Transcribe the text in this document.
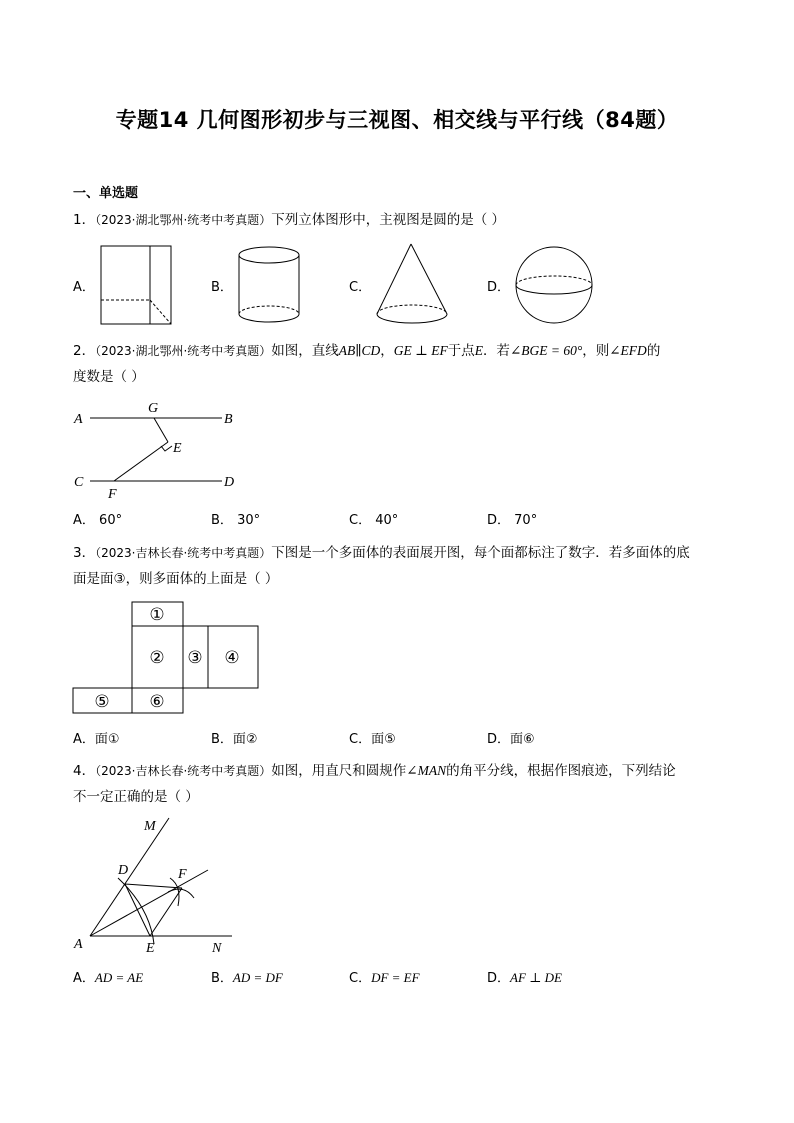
专题14 几何图形初步与三视图、相交线与平行线（84题）
一、单选题
1．（2023·湖北鄂州·统考中考真题）下列立体图形中，主视图是圆的是（ ）
A．	B．	C．	D．
2．（2023·湖北鄂州·统考中考真题）如图，直线AB∥CD，GE ⊥ EF于点E．若∠BGE = 60°，则∠EFD的
度数是（ ）
A
G
B
E
C
F
D
A． 60°	B． 30°	C． 40°	D． 70°
3．（2023·吉林长春·统考中考真题）下图是一个多面体的表面展开图，每个面都标注了数字．若多面体的底
面是面③，则多面体的上面是（ ）
①
② ③ ④
⑤ ⑥
A．面①	B．面②	C．面⑤	D．面⑥
4．（2023·吉林长春·统考中考真题）如图，用直尺和圆规作∠MAN的角平分线，根据作图痕迹，下列结论
不一定正确的是（ ）
A
M
D	F
E	N
A．AD = AE	B．AD = DF	C．DF = EF	D．AF ⊥ DE
